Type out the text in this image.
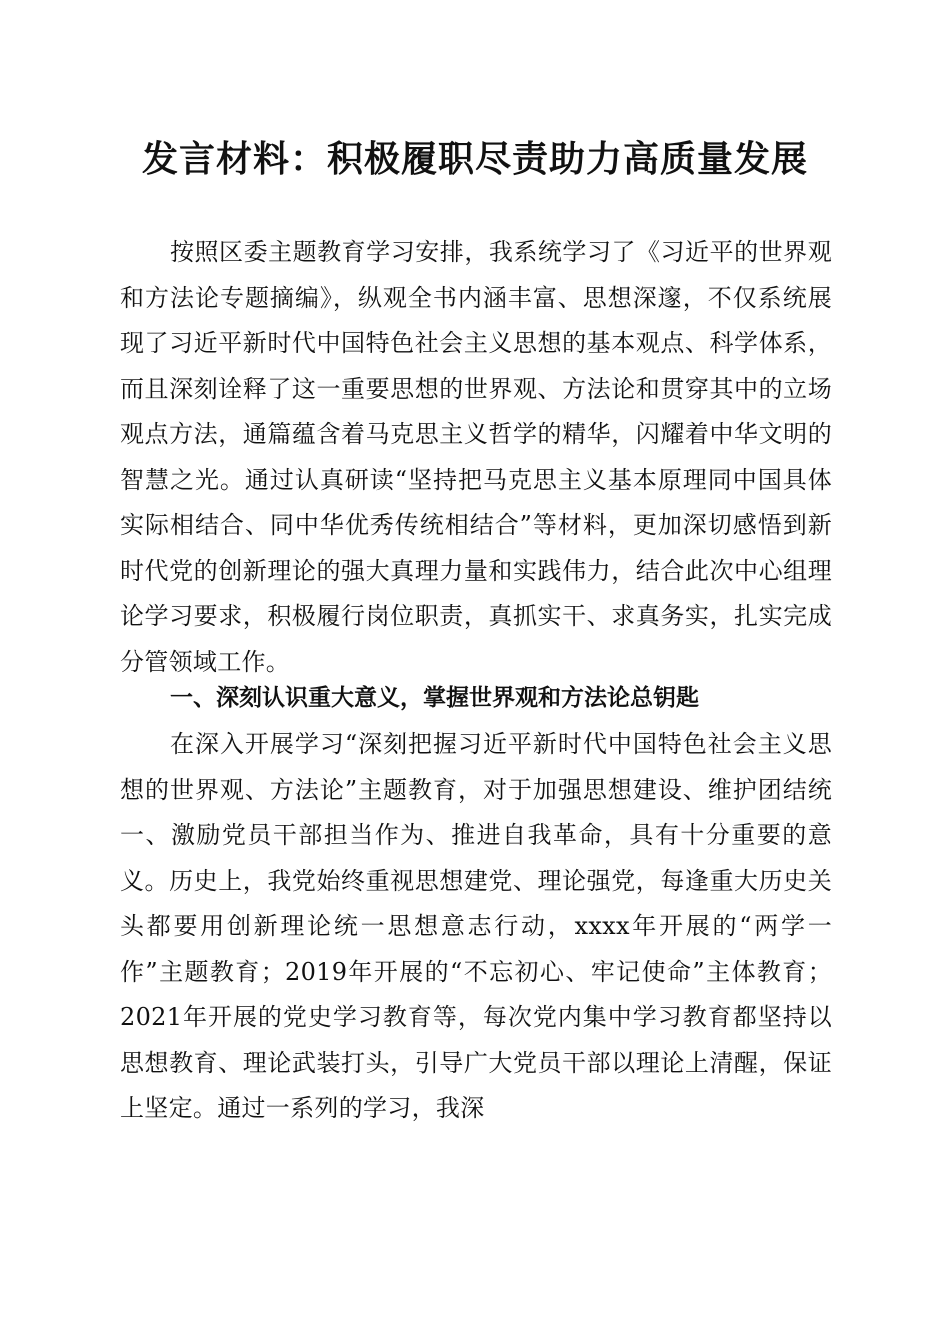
发言材料：积极履职尽责助力高质量发展
按照区委主题教育学习安排，我系统学习了《习近平的世界观和方法论专题摘编》，纵观全书内涵丰富、思想深邃，不仅系统展现了习近平新时代中国特色社会主义思想的基本观点、科学体系，而且深刻诠释了这一重要思想的世界观、方法论和贯穿其中的立场观点方法，通篇蕴含着马克思主义哲学的精华，闪耀着中华文明的智慧之光。通过认真研读“坚持把马克思主义基本原理同中国具体实际相结合、同中华优秀传统相结合”等材料，更加深切感悟到新时代党的创新理论的强大真理力量和实践伟力，结合此次中心组理论学习要求，积极履行岗位职责，真抓实干、求真务实，扎实完成分管领域工作。
一、深刻认识重大意义，掌握世界观和方法论总钥匙
在深入开展学习“深刻把握习近平新时代中国特色社会主义思想的世界观、方法论”主题教育，对于加强思想建设、维护团结统一、激励党员干部担当作为、推进自我革命，具有十分重要的意义。历史上，我党始终重视思想建党、理论强党，每逢重大历史关头都要用创新理论统一思想意志行动，xxxx年开展的“两学一作”主题教育；2019年开展的“不忘初心、牢记使命”主体教育；2021年开展的党史学习教育等，每次党内集中学习教育都坚持以思想教育、理论武装打头，引导广大党员干部以理论上清醒，保证上坚定。通过一系列的学习，我深
